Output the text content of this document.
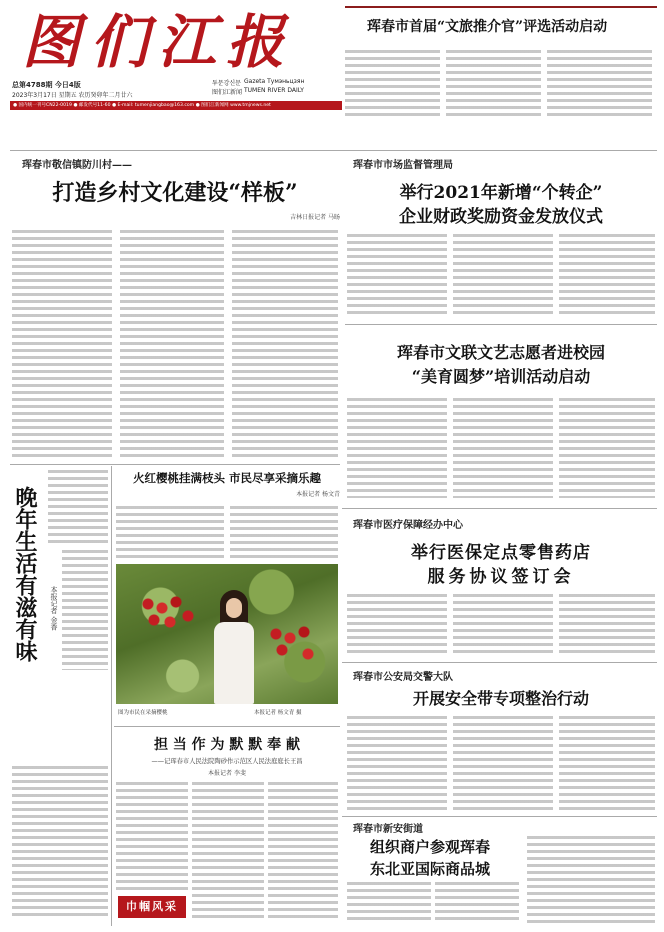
图们江报
总第4788期 今日4版
2023年3月17日 星期五 农历癸卯年二月廿六
투문강신문
图们江新闻
Gazeta Тумэньцзян
TUMEN RIVER DAILY
● 国内统一刊号CN22-0019 ● 邮发代号11-60 ● E-mail: tumenjiangbao@163.com ● 图们江新闻网 www.tmjnews.net
珲春市首届“文旅推介官”评选活动启动
珲春市敬信镇防川村——
打造乡村文化建设“样板”
吉林日报记者 马旸
珲春市市场监督管理局
举行2021年新增“个转企”
企业财政奖励资金发放仪式
珲春市文联文艺志愿者进校园
“美育圆梦”培训活动启动
晚年生活有滋有味	本报记者 金香
火红樱桃挂满枝头 市民尽享采摘乐趣
本报记者 杨文青
图为市民在采摘樱桃	本报记者 杨文青 摄
珲春市医疗保障经办中心
举行医保定点零售药店
服务协议签订会
珲春市公安局交警大队
开展安全带专项整治行动
担 当 作 为 默 默 奉 献
——记珲春市人民法院陶砂作示范区人民法庭庭长王昌
本报记者 李斐
巾帼风采
珲春市新安街道
组织商户参观珲春
东北亚国际商品城
